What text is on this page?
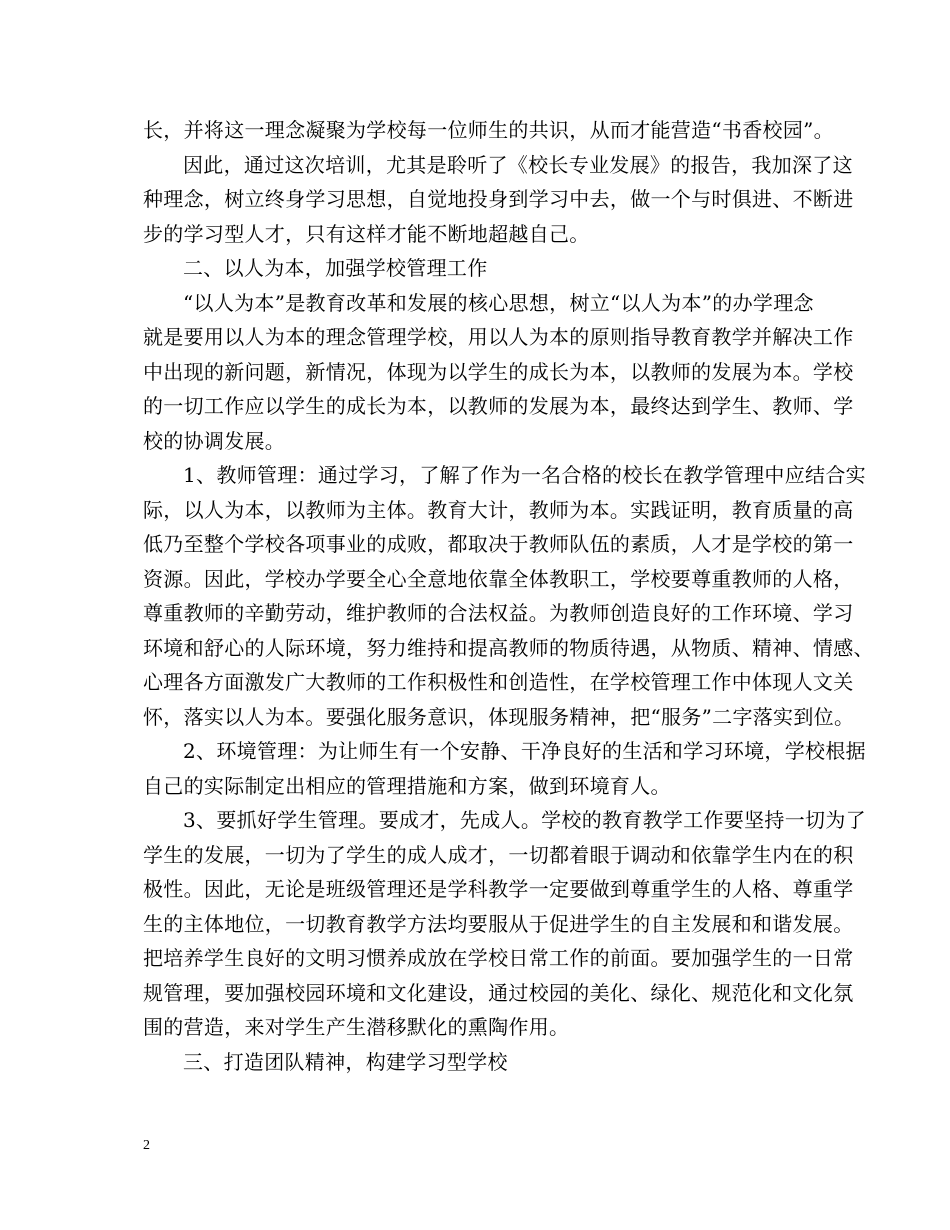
长，并将这一理念凝聚为学校每一位师生的共识，从而才能营造“书香校园”。
因此，通过这次培训，尤其是聆听了《校长专业发展》的报告，我加深了这
种理念，树立终身学习思想，自觉地投身到学习中去，做一个与时俱进、不断进
步的学习型人才，只有这样才能不断地超越自己。
二、以人为本，加强学校管理工作
“以人为本”是教育改革和发展的核心思想，树立“以人为本”的办学理念
就是要用以人为本的理念管理学校，用以人为本的原则指导教育教学并解决工作
中出现的新问题，新情况，体现为以学生的成长为本，以教师的发展为本。学校
的一切工作应以学生的成长为本，以教师的发展为本，最终达到学生、教师、学
校的协调发展。
1、教师管理：通过学习，了解了作为一名合格的校长在教学管理中应结合实
际，以人为本，以教师为主体。教育大计，教师为本。实践证明，教育质量的高
低乃至整个学校各项事业的成败，都取决于教师队伍的素质，人才是学校的第一
资源。因此，学校办学要全心全意地依靠全体教职工，学校要尊重教师的人格，
尊重教师的辛勤劳动，维护教师的合法权益。为教师创造良好的工作环境、学习
环境和舒心的人际环境，努力维持和提高教师的物质待遇，从物质、精神、情感、
心理各方面激发广大教师的工作积极性和创造性，在学校管理工作中体现人文关
怀，落实以人为本。要强化服务意识，体现服务精神，把“服务”二字落实到位。
2、环境管理：为让师生有一个安静、干净良好的生活和学习环境，学校根据
自己的实际制定出相应的管理措施和方案，做到环境育人。
3、要抓好学生管理。要成才，先成人。学校的教育教学工作要坚持一切为了
学生的发展，一切为了学生的成人成才，一切都着眼于调动和依靠学生内在的积
极性。因此，无论是班级管理还是学科教学一定要做到尊重学生的人格、尊重学
生的主体地位，一切教育教学方法均要服从于促进学生的自主发展和和谐发展。
把培养学生良好的文明习惯养成放在学校日常工作的前面。要加强学生的一日常
规管理，要加强校园环境和文化建设，通过校园的美化、绿化、规范化和文化氛
围的营造，来对学生产生潜移默化的熏陶作用。
三、打造团队精神，构建学习型学校
2
